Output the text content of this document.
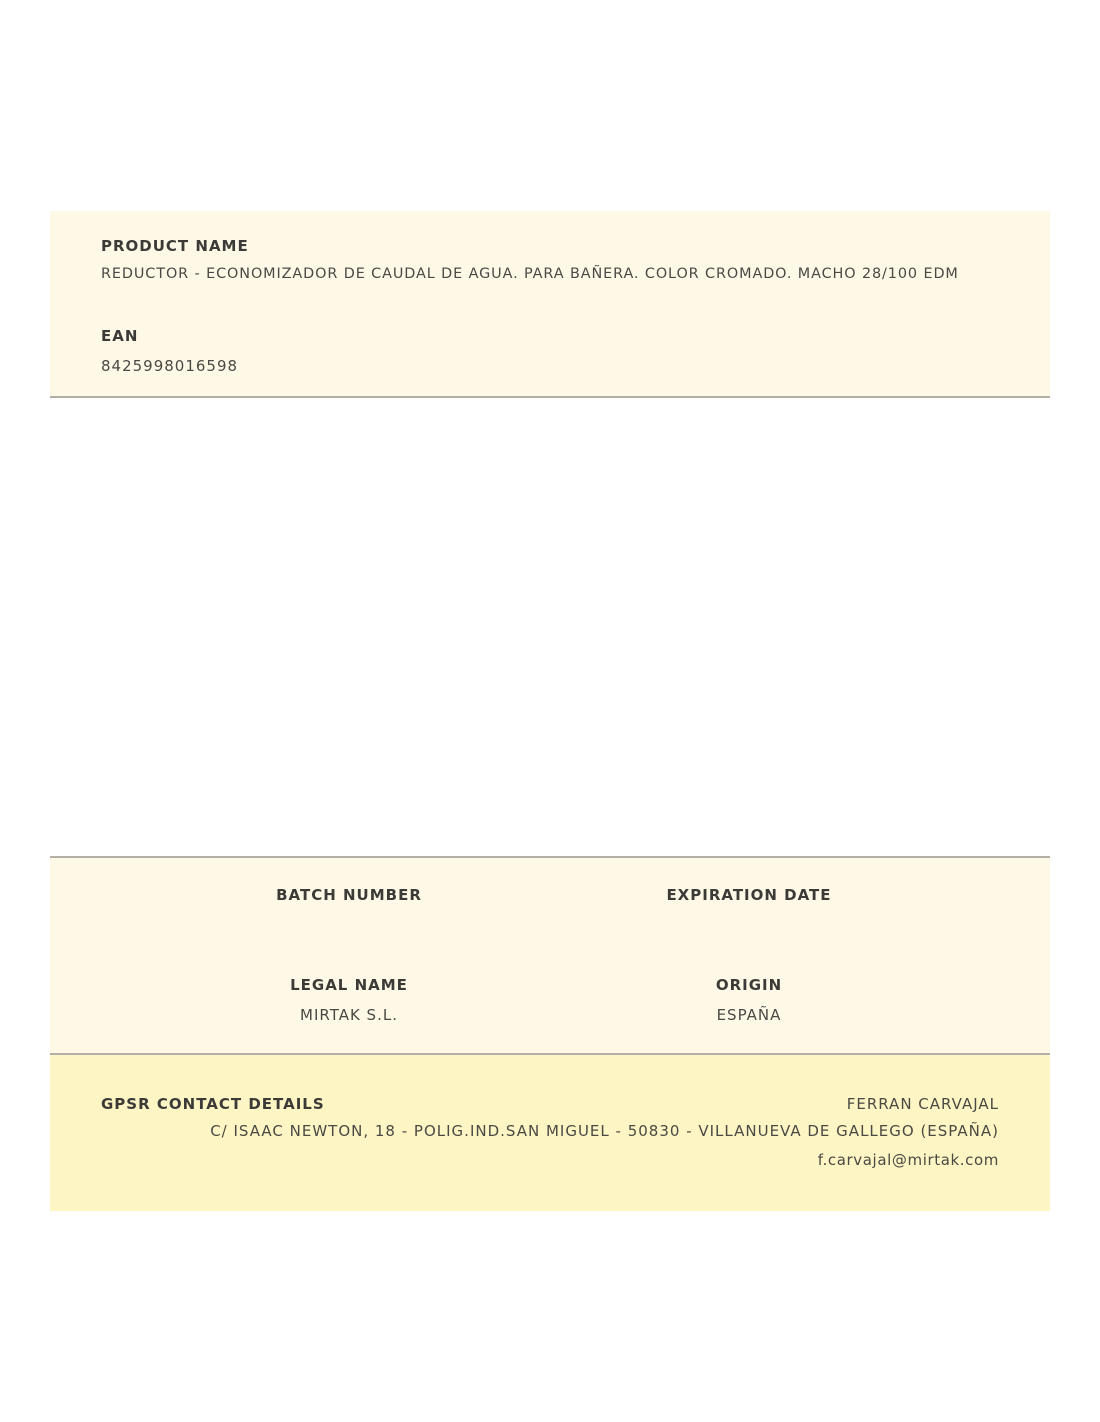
PRODUCT NAME
REDUCTOR - ECONOMIZADOR DE CAUDAL DE AGUA. PARA BAÑERA. COLOR CROMADO. MACHO 28/100 EDM
EAN
8425998016598
BATCH NUMBER	EXPIRATION DATE
LEGAL NAME
MIRTAK S.L.
ORIGIN
ESPAÑA
GPSR CONTACT DETAILS	FERRAN CARVAJAL
C/ ISAAC NEWTON, 18 - POLIG.IND.SAN MIGUEL - 50830 - VILLANUEVA DE GALLEGO (ESPAÑA)
f.carvajal@mirtak.com
